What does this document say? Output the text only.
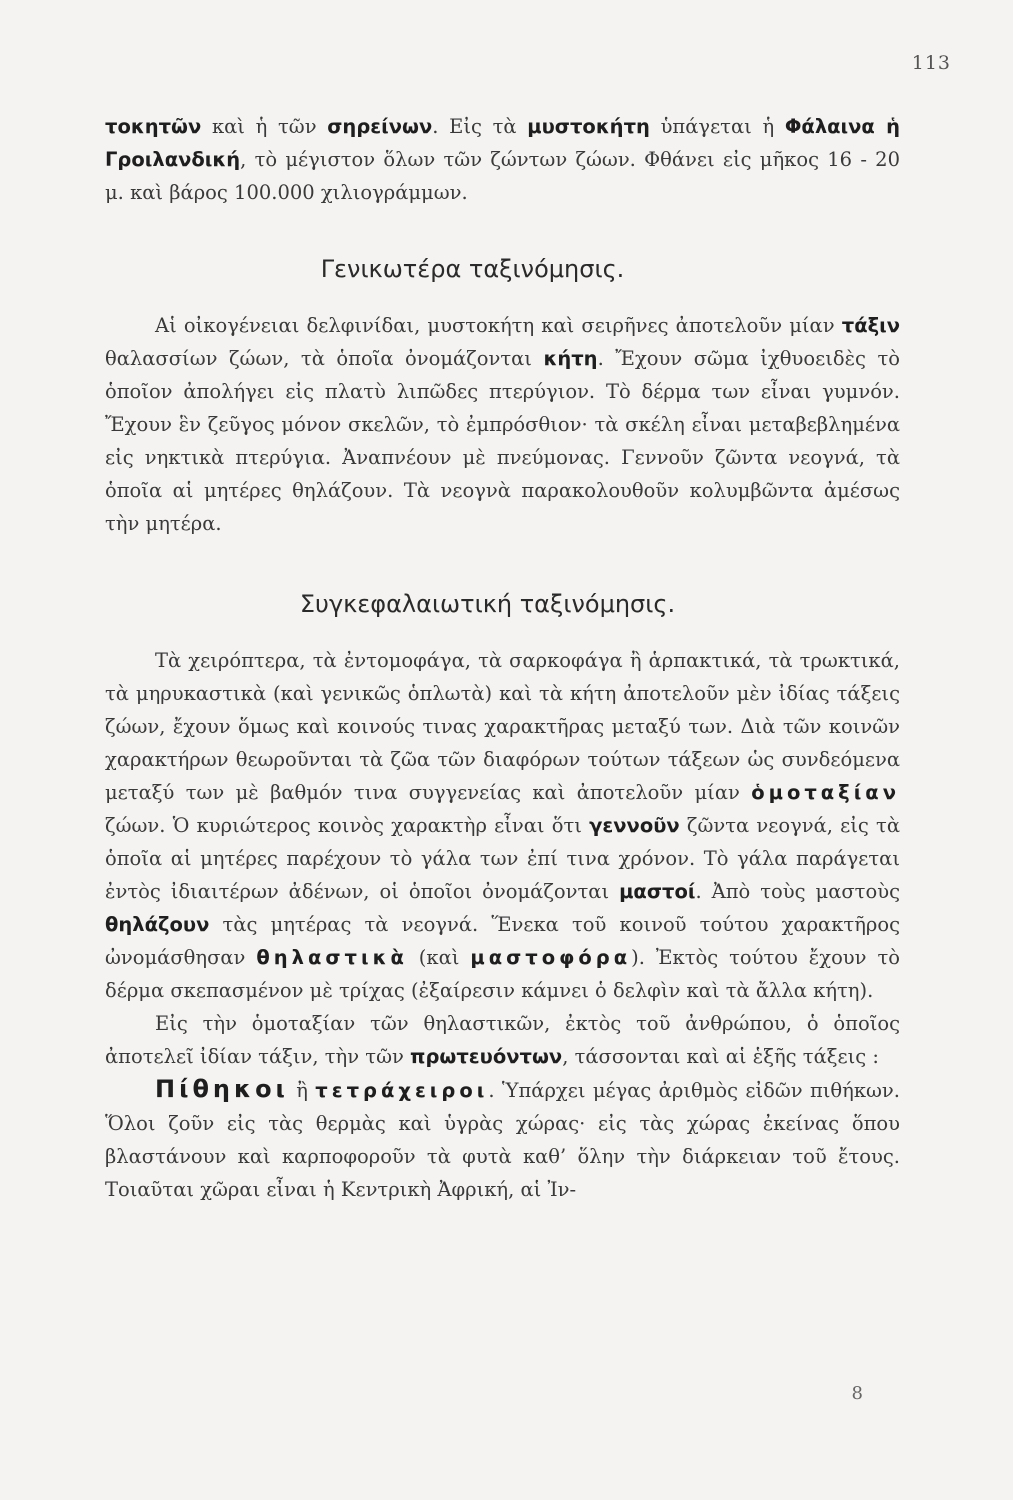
113

τοκητῶν καὶ ἡ τῶν σηρείνων. Εἰς τὰ μυστοκήτη ὑπάγεται ἡ Φάλαινα ἡ Γροιλανδική, τὸ μέγιστον ὅλων τῶν ζώντων ζώων. Φθάνει εἰς μῆκος 16 - 20 μ. καὶ βάρος 100.000 χιλιογράμμων.

Γενικωτέρα ταξινόμησις.

Αἱ οἰκογένειαι δελφινίδαι, μυστοκήτη καὶ σειρῆνες ἀποτελοῦν μίαν τάξιν θαλασσίων ζώων, τὰ ὁποῖα ὀνομάζονται κήτη. Ἔχουν σῶμα ἰχθυοειδὲς τὸ ὁποῖον ἀπολήγει εἰς πλατὺ λιπῶδες πτερύγιον. Τὸ δέρμα των εἶναι γυμνόν. Ἔχουν ἓν ζεῦγος μόνον σκελῶν, τὸ ἐμπρόσθιον· τὰ σκέλη εἶναι μεταβεβλημένα εἰς νηκτικὰ πτερύγια. Ἀναπνέουν μὲ πνεύμονας. Γεννοῦν ζῶντα νεογνά, τὰ ὁποῖα αἱ μητέρες θηλάζουν. Τὰ νεογνὰ παρακολουθοῦν κολυμβῶντα ἀμέσως τὴν μητέρα.

Συγκεφαλαιωτική ταξινόμησις.

Τὰ χειρόπτερα, τὰ ἐντομοφάγα, τὰ σαρκοφάγα ἢ ἁρπακτικά, τὰ τρωκτικά, τὰ μηρυκαστικὰ (καὶ γενικῶς ὁπλωτὰ) καὶ τὰ κήτη ἀποτελοῦν μὲν ἰδίας τάξεις ζώων, ἔχουν ὅμως καὶ κοινούς τινας χαρακτῆρας μεταξύ των. Διὰ τῶν κοινῶν χαρακτήρων θεωροῦνται τὰ ζῶα τῶν διαφόρων τούτων τάξεων ὡς συνδεόμενα μεταξύ των μὲ βαθμόν τινα συγγενείας καὶ ἀποτελοῦν μίαν ὁμοταξίαν ζώων. Ὁ κυριώτερος κοινὸς χαρακτὴρ εἶναι ὅτι γεννοῦν ζῶντα νεογνά, εἰς τὰ ὁποῖα αἱ μητέρες παρέχουν τὸ γάλα των ἐπί τινα χρόνον. Τὸ γάλα παράγεται ἐντὸς ἰδιαιτέρων ἀδένων, οἱ ὁποῖοι ὀνομάζονται μαστοί. Ἀπὸ τοὺς μαστοὺς θηλάζουν τὰς μητέρας τὰ νεογνά. Ἕνεκα τοῦ κοινοῦ τούτου χαρακτῆρος ὠνομάσθησαν θηλαστικὰ (καὶ μαστοφόρα). Ἐκτὸς τούτου ἔχουν τὸ δέρμα σκεπασμένον μὲ τρίχας (ἐξαίρεσιν κάμνει ὁ δελφὶν καὶ τὰ ἄλλα κήτη).

Εἰς τὴν ὁμοταξίαν τῶν θηλαστικῶν, ἐκτὸς τοῦ ἀνθρώπου, ὁ ὁποῖος ἀποτελεῖ ἰδίαν τάξιν, τὴν τῶν πρωτευόντων, τάσσονται καὶ αἱ ἑξῆς τάξεις :

Πίθηκοι ἢ τετράχειροι. Ὑπάρχει μέγας ἀριθμὸς εἰδῶν πιθήκων. Ὅλοι ζοῦν εἰς τὰς θερμὰς καὶ ὑγρὰς χώρας· εἰς τὰς χώρας ἐκείνας ὅπου βλαστάνουν καὶ καρποφοροῦν τὰ φυτὰ καθ’ ὅλην τὴν διάρκειαν τοῦ ἔτους. Τοιαῦται χῶραι εἶναι ἡ Κεντρικὴ Ἀφρική, αἱ Ἰν-

8
